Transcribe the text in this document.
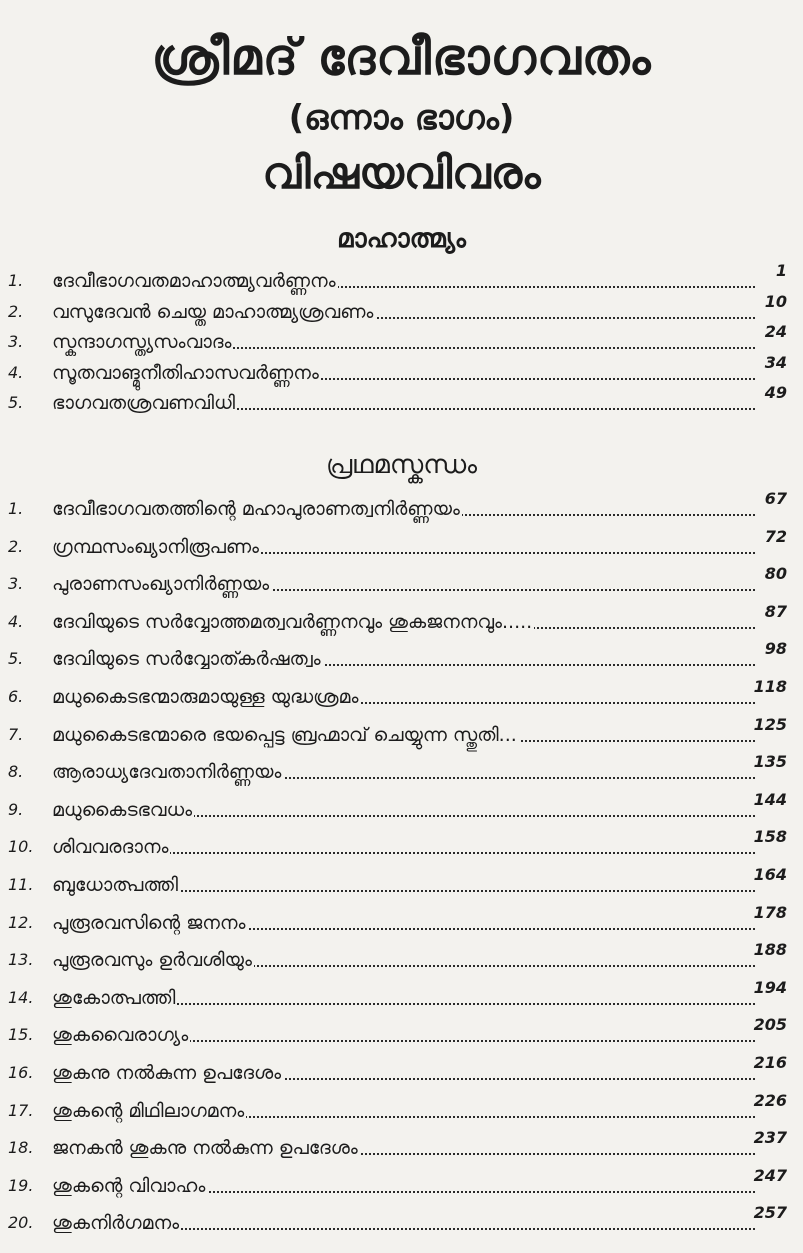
ശ്രീമദ് ദേവീഭാഗവതം
(ഒന്നാം ഭാഗം)
വിഷയവിവരം
മാഹാത്മ്യം
1.	ദേവീഭാഗവതമാഹാത്മ്യവർണ്ണനം	1
2.	വസുദേവൻ ചെയ്ത മാഹാത്മ്യശ്രവണം	10
3.	സ്കന്ദാഗസ്ത്യസംവാദം	24
4.	സൂതവാങ്മുനീതിഹാസവർണ്ണനം	34
5.	ഭാഗവതശ്രവണവിധി	49
പ്രഥമസ്കന്ധം
1.	ദേവീഭാഗവതത്തിന്റെ മഹാപുരാണത്വനിർണ്ണയം	67
2.	ഗ്രന്ഥസംഖ്യാനിരൂപണം	72
3.	പുരാണസംഖ്യാനിർണ്ണയം	80
4.	ദേവിയുടെ സർവ്വോത്തമത്വവർണ്ണനവും ശുകജനനവും.....	87
5.	ദേവിയുടെ സർവ്വോത്കർഷത്വം	98
6.	മധുകൈടഭന്മാരുമായുള്ള യുദ്ധശ്രമം	118
7.	മധുകൈടഭന്മാരെ ഭയപ്പെട്ട ബ്രഹ്മാവ് ചെയ്യുന്ന സ്തുതി...	125
8.	ആരാധ്യദേവതാനിർണ്ണയം	135
9.	മധുകൈടഭവധം	144
10. ശിവവരദാനം	158
11. ബുധോത്പത്തി	164
12. പുരൂരവസിന്റെ ജനനം	178
13. പുരൂരവസും ഉർവശിയും	188
14. ശുകോത്പത്തി	194
15. ശുകവൈരാഗ്യം	205
16. ശുകനു നൽകുന്ന ഉപദേശം	216
17. ശുകന്റെ മിഥിലാഗമനം	226
18. ജനകൻ ശുകനു നൽകുന്ന ഉപദേശം	237
19. ശുകന്റെ വിവാഹം	247
20. ശുകനിർഗമനം	257
